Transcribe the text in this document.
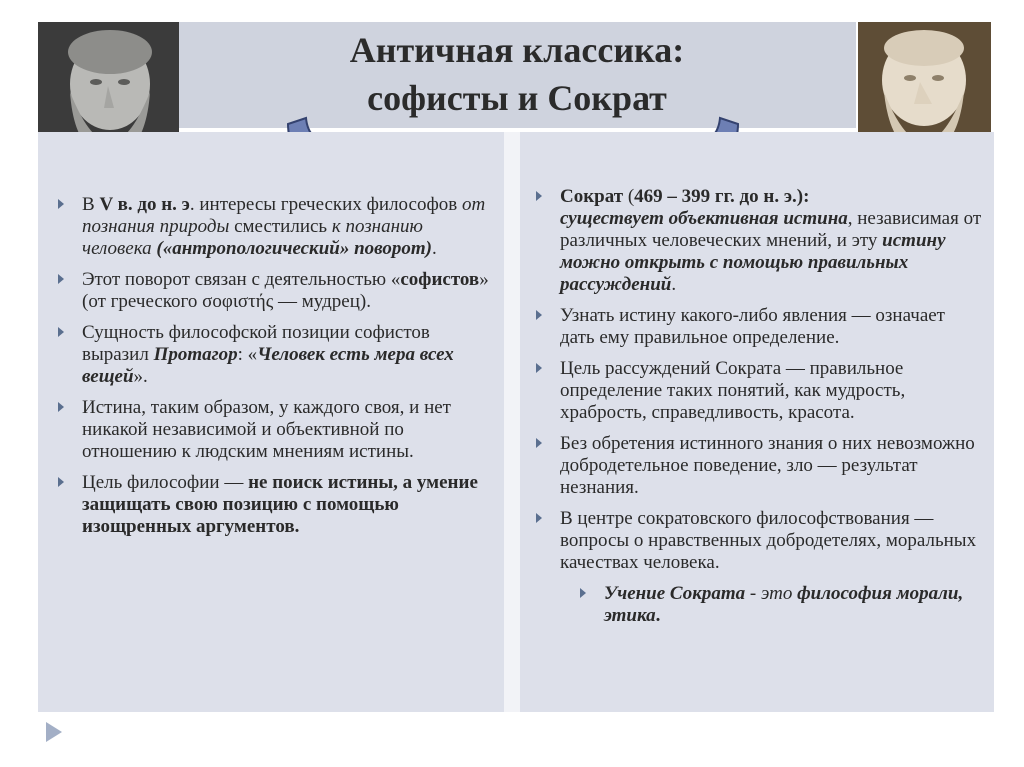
Античная классика:
софисты и Сократ
В V в. до н. э. интересы греческих философов от познания природы сместились к познанию человека («антропологический» поворот).
Этот поворот связан с деятельностью «софистов» (от греческого σοφιστής — мудрец).
Сущность философской позиции софистов выразил Протагор: «Человек есть мера всех вещей».
Истина, таким образом, у каждого своя, и нет никакой независимой и объективной по отношению к людским мнениям истины.
Цель философии — не поиск истины, а умение защищать свою позицию с помощью изощренных аргументов.
Сократ (469 – 399 гг. до н. э.):
существует объективная истина, независимая от различных человеческих мнений, и эту истину можно открыть с помощью правильных рассуждений.
Узнать истину какого-либо явления — означает дать ему правильное определение.
Цель рассуждений Сократа — правильное определение таких понятий, как мудрость, храбрость, справедливость, красота.
Без обретения истинного знания о них невозможно добродетельное поведение, зло — результат незнания.
В центре сократовского философствования — вопросы о нравственных добродетелях, моральных качествах человека.
Учение Сократа - это философия морали, этика.
